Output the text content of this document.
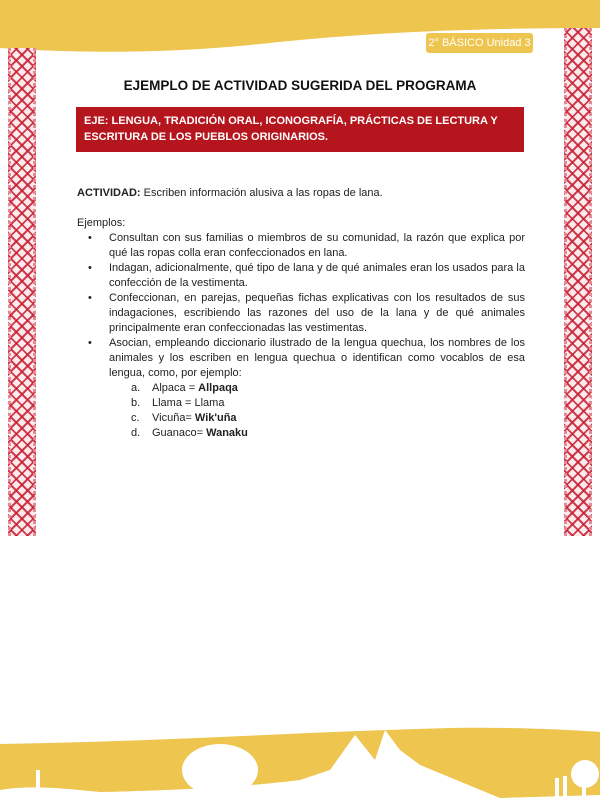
2° BÁSICO Unidad 3
EJEMPLO DE ACTIVIDAD SUGERIDA DEL PROGRAMA
EJE: LENGUA, TRADICIÓN ORAL, ICONOGRAFÍA, PRÁCTICAS DE LECTURA Y ESCRITURA DE LOS PUEBLOS ORIGINARIOS.

ACTIVIDAD: Escriben información alusiva a las ropas de lana.

Ejemplos:

• Consultan con sus familias o miembros de su comunidad, la razón que explica por qué las ropas colla eran confeccionados en lana.
• Indagan, adicionalmente, qué tipo de lana y de qué animales eran los usados para la confección de la vestimenta.
• Confeccionan, en parejas, pequeñas fichas explicativas con los resultados de sus indagaciones, escribiendo las razones del uso de la lana y de qué animales principalmente eran confeccionadas las vestimentas.
• Asocian, empleando diccionario ilustrado de la lengua quechua, los nombres de los animales y los escriben en lengua quechua o identifican como vocablos de esa lengua, como, por ejemplo:
a. Alpaca = Allpaqa
b. Llama = Llama
c. Vicuña= Wik'uña
d. Guanaco= Wanaku
